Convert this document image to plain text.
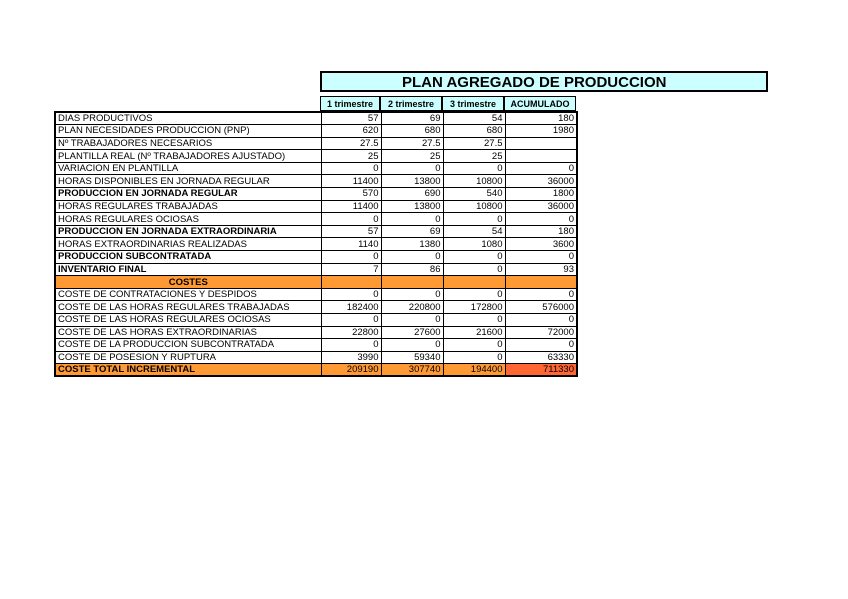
PLAN AGREGADO DE PRODUCCION
1 trimestre	2 trimestre	3 trimestre	ACUMULADO
DIAS PRODUCTIVOS	57	69	54	180
PLAN NECESIDADES PRODUCCION (PNP)	620	680	680	1980
Nº TRABAJADORES NECESARIOS	27.5	27.5	27.5	
PLANTILLA REAL (Nº TRABAJADORES AJUSTADO)	25	25	25	
VARIACION EN PLANTILLA	0	0	0	0
HORAS DISPONIBLES EN JORNADA REGULAR	11400	13800	10800	36000
PRODUCCION EN JORNADA REGULAR	570	690	540	1800
HORAS REGULARES TRABAJADAS	11400	13800	10800	36000
HORAS REGULARES OCIOSAS	0	0	0	0
PRODUCCION EN JORNADA EXTRAORDINARIA	57	69	54	180
HORAS EXTRAORDINARIAS REALIZADAS	1140	1380	1080	3600
PRODUCCION SUBCONTRATADA	0	0	0	0
INVENTARIO FINAL	7	86	0	93
COSTES				
COSTE DE CONTRATACIONES Y DESPIDOS	0	0	0	0
COSTE DE LAS HORAS REGULARES TRABAJADAS	182400	220800	172800	576000
COSTE DE LAS HORAS REGULARES OCIOSAS	0	0	0	0
COSTE DE LAS HORAS EXTRAORDINARIAS	22800	27600	21600	72000
COSTE DE LA PRODUCCION SUBCONTRATADA	0	0	0	0
COSTE DE POSESION Y RUPTURA	3990	59340	0	63330
COSTE TOTAL INCREMENTAL	209190	307740	194400	711330
